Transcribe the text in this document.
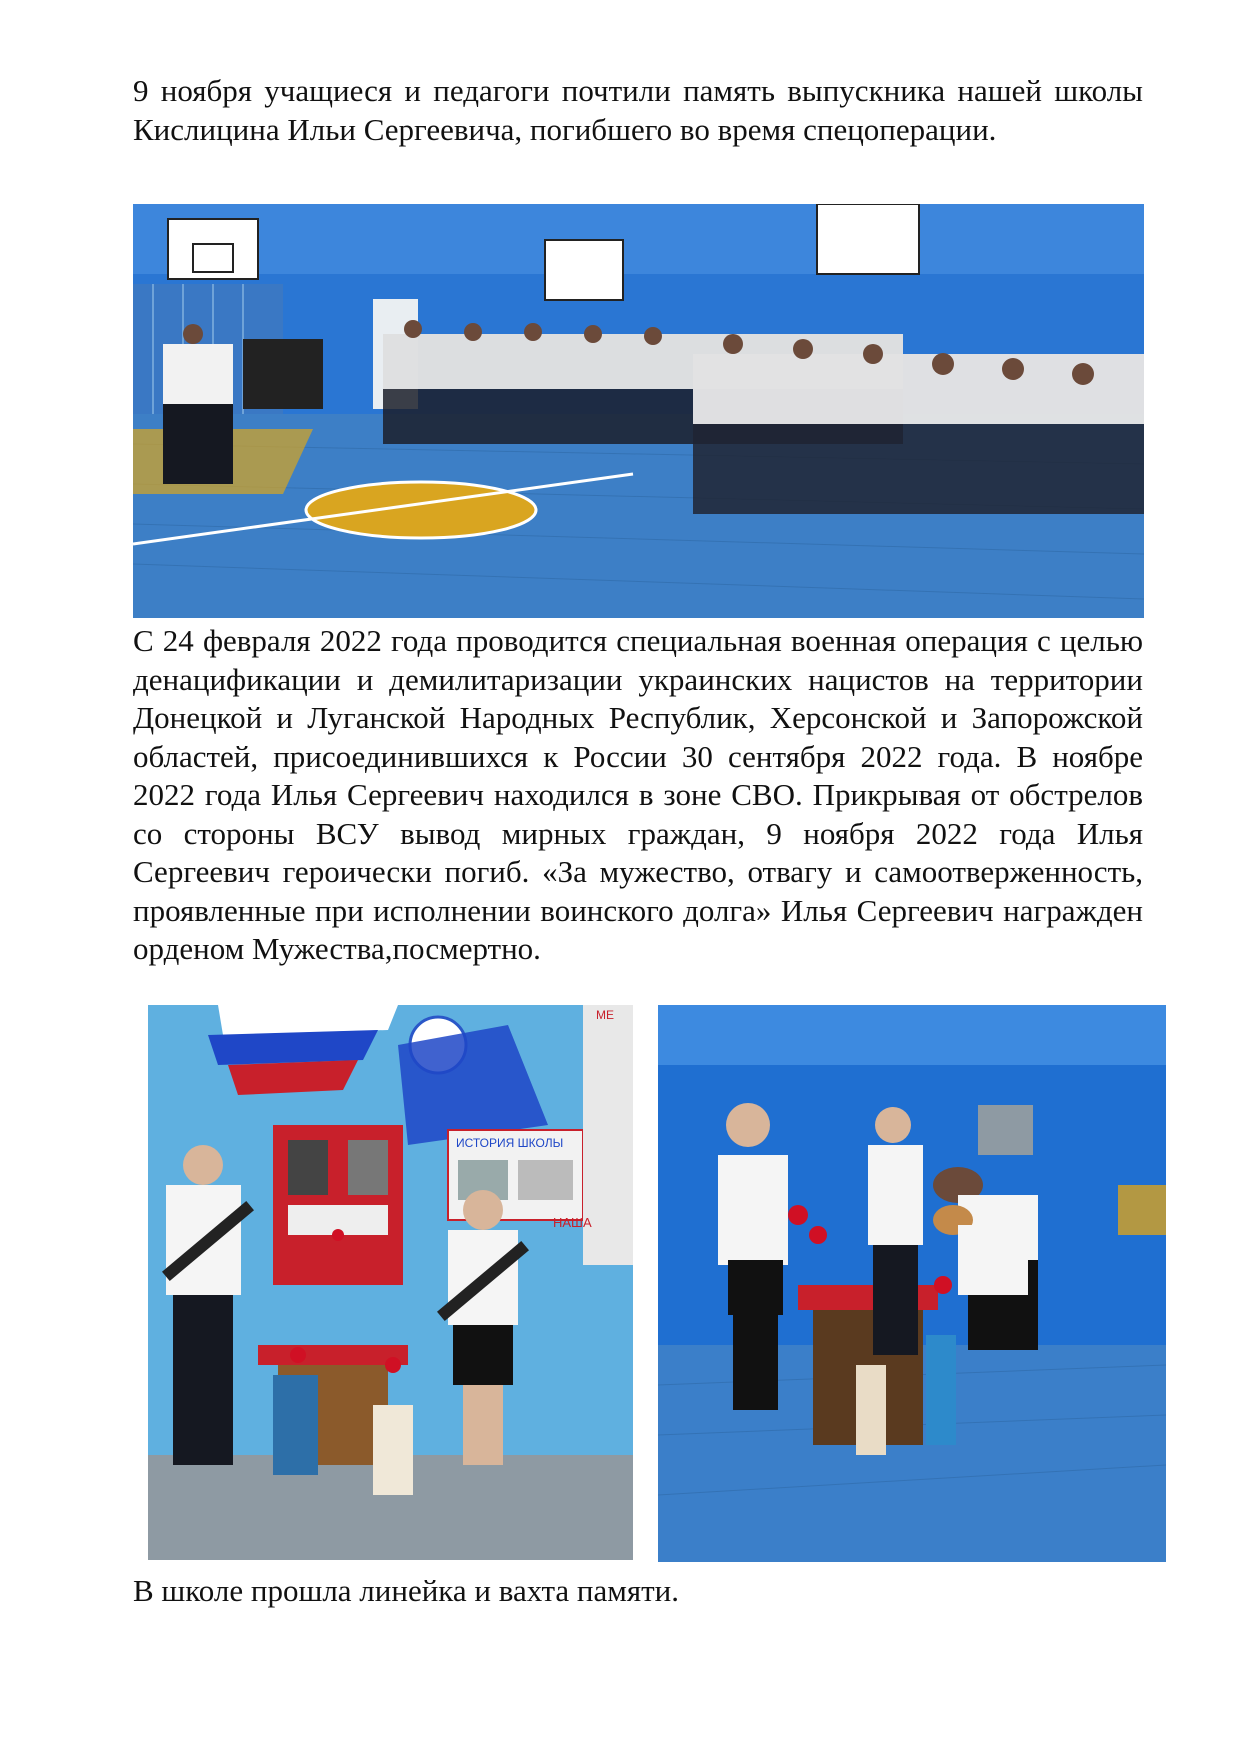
9 ноября учащиеся и педагоги почтили память выпускника нашей школы Кислицина Ильи Сергеевича, погибшего во время спецоперации.

С 24 февраля 2022 года проводится специальная военная операция с целью денацификации и демилитаризации украинских нацистов на территории Донецкой и Луганской Народных Республик, Херсонской и Запорожской областей, присоединившихся к России 30 сентября 2022 года. В ноябре 2022 года Илья Сергеевич находился в зоне СВО. Прикрывая от обстрелов со стороны ВСУ вывод мирных граждан, 9 ноября 2022 года Илья Сергеевич героически погиб. «За мужество, отвагу и самоотверженность, проявленные при исполнении воинского долга» Илья Сергеевич награжден орденом Мужества,посмертно.

ИСТОРИЯ ШКОЛЫ
МЕ
НАША

В школе прошла линейка и вахта памяти.
